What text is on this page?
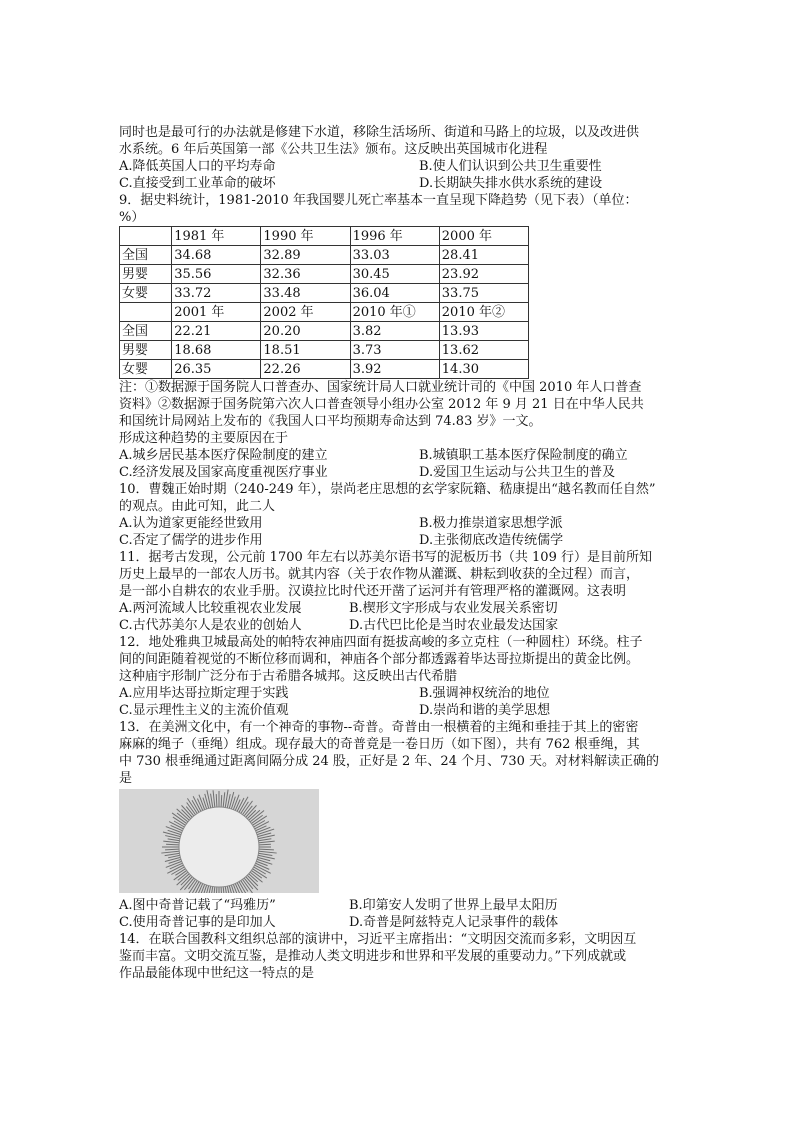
同时也是最可行的办法就是修建下水道，移除生活场所、街道和马路上的垃圾，以及改进供

水系统。6 年后英国第一部《公共卫生法》颁布。这反映出英国城市化进程

A.降低英国人口的平均寿命	B.使人们认识到公共卫生重要性
C.直接受到工业革命的破坏	D.长期缺失排水供水系统的建设

9．据史料统计，1981-2010 年我国婴儿死亡率基本一直呈现下降趋势（见下表）（单位：

%）

	1981 年	1990 年	1996 年	2000 年
全国	34.68	32.89	33.03	28.41
男婴	35.56	32.36	30.45	23.92
女婴	33.72	33.48	36.04	33.75
	2001 年	2002 年	2010 年①	2010 年②
全国	22.21	20.20	3.82	13.93
男婴	18.68	18.51	3.73	13.62
女婴	26.35	22.26	3.92	14.30

注：①数据源于国务院人口普查办、国家统计局人口就业统计司的《中国 2010 年人口普查

资料》②数据源于国务院第六次人口普查领导小组办公室 2012 年 9 月 21 日在中华人民共

和国统计局网站上发布的《我国人口平均预期寿命达到 74.83 岁》一文。

形成这种趋势的主要原因在于

A.城乡居民基本医疗保险制度的建立	B.城镇职工基本医疗保险制度的确立
C.经济发展及国家高度重视医疗事业	D.爱国卫生运动与公共卫生的普及

10．曹魏正始时期（240-249 年），崇尚老庄思想的玄学家阮籍、嵇康提出“越名教而任自然”

的观点。由此可知，此二人

A.认为道家更能经世致用	B.极力推崇道家思想学派
C.否定了儒学的进步作用	D.主张彻底改造传统儒学

11．据考古发现，公元前 1700 年左右以苏美尔语书写的泥板历书（共 109 行）是目前所知

历史上最早的一部农人历书。就其内容（关于农作物从灌溉、耕耘到收获的全过程）而言，

是一部小自耕农的农业手册。汉谟拉比时代还开凿了运河并有管理严格的灌溉网。这表明

A.两河流域人比较重视农业发展	B.楔形文字形成与农业发展关系密切
C.古代苏美尔人是农业的创始人	D.古代巴比伦是当时农业最发达国家

12．地处雅典卫城最高处的帕特农神庙四面有挺拔高峻的多立克柱（一种圆柱）环绕。柱子

间的间距随着视觉的不断位移而调和，神庙各个部分都透露着毕达哥拉斯提出的黄金比例。

这种庙宇形制广泛分布于古希腊各城邦。这反映出古代希腊

A.应用毕达哥拉斯定理于实践	B.强调神权统治的地位
C.显示理性主义的主流价值观	D.崇尚和谐的美学思想

13．在美洲文化中，有一个神奇的事物--奇普。奇普由一根横着的主绳和垂挂于其上的密密

麻麻的绳子（垂绳）组成。现存最大的奇普竟是一卷日历（如下图），共有 762 根垂绳，其

中 730 根垂绳通过距离间隔分成 24 股，正好是 2 年、24 个月、730 天。对材料解读正确的

是

A.图中奇普记载了“玛雅历”	B.印第安人发明了世界上最早太阳历
C.使用奇普记事的是印加人	D.奇普是阿兹特克人记录事件的载体

14．在联合国教科文组织总部的演讲中，习近平主席指出：“文明因交流而多彩，文明因互

鉴而丰富。文明交流互鉴，是推动人类文明进步和世界和平发展的重要动力。”下列成就或

作品最能体现中世纪这一特点的是
